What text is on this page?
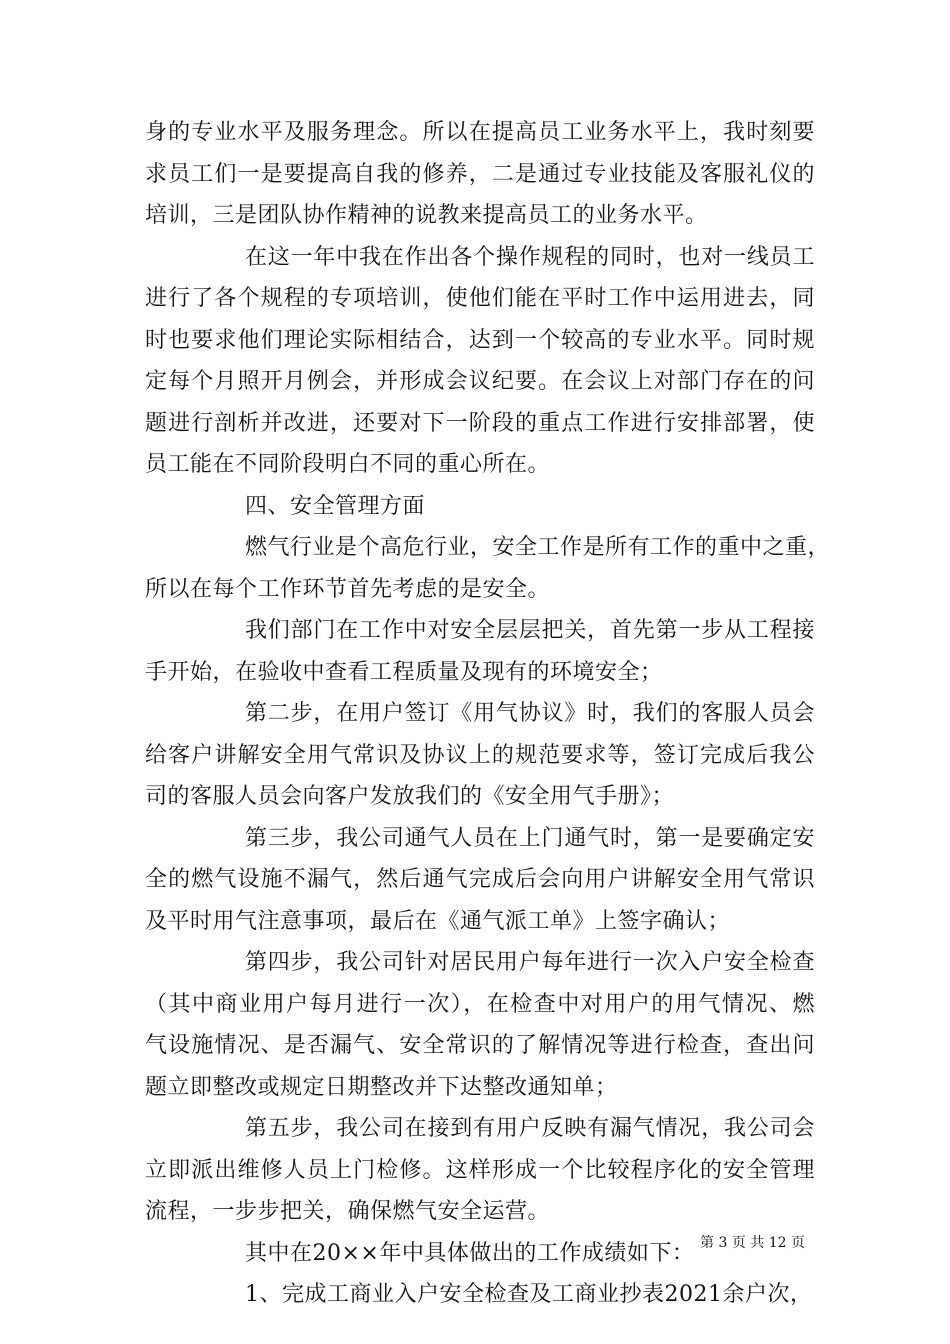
身的专业水平及服务理念。所以在提高员工业务水平上，我时刻要
求员工们一是要提高自我的修养，二是通过专业技能及客服礼仪的
培训，三是团队协作精神的说教来提高员工的业务水平。
在这一年中我在作出各个操作规程的同时，也对一线员工
进行了各个规程的专项培训，使他们能在平时工作中运用进去，同
时也要求他们理论实际相结合，达到一个较高的专业水平。同时规
定每个月照开月例会，并形成会议纪要。在会议上对部门存在的问
题进行剖析并改进，还要对下一阶段的重点工作进行安排部署，使
员工能在不同阶段明白不同的重心所在。
四、安全管理方面
燃气行业是个高危行业，安全工作是所有工作的重中之重，
所以在每个工作环节首先考虑的是安全。
我们部门在工作中对安全层层把关，首先第一步从工程接
手开始，在验收中查看工程质量及现有的环境安全；
第二步，在用户签订《用气协议》时，我们的客服人员会
给客户讲解安全用气常识及协议上的规范要求等，签订完成后我公
司的客服人员会向客户发放我们的《安全用气手册》；
第三步，我公司通气人员在上门通气时，第一是要确定安
全的燃气设施不漏气，然后通气完成后会向用户讲解安全用气常识
及平时用气注意事项，最后在《通气派工单》上签字确认；
第四步，我公司针对居民用户每年进行一次入户安全检查
（其中商业用户每月进行一次），在检查中对用户的用气情况、燃
气设施情况、是否漏气、安全常识的了解情况等进行检查，查出问
题立即整改或规定日期整改并下达整改通知单；
第五步，我公司在接到有用户反映有漏气情况，我公司会
立即派出维修人员上门检修。这样形成一个比较程序化的安全管理
流程，一步步把关，确保燃气安全运营。
其中在20××年中具体做出的工作成绩如下：
1、完成工商业入户安全检查及工商业抄表2021余户次，
第 3 页 共 12 页
